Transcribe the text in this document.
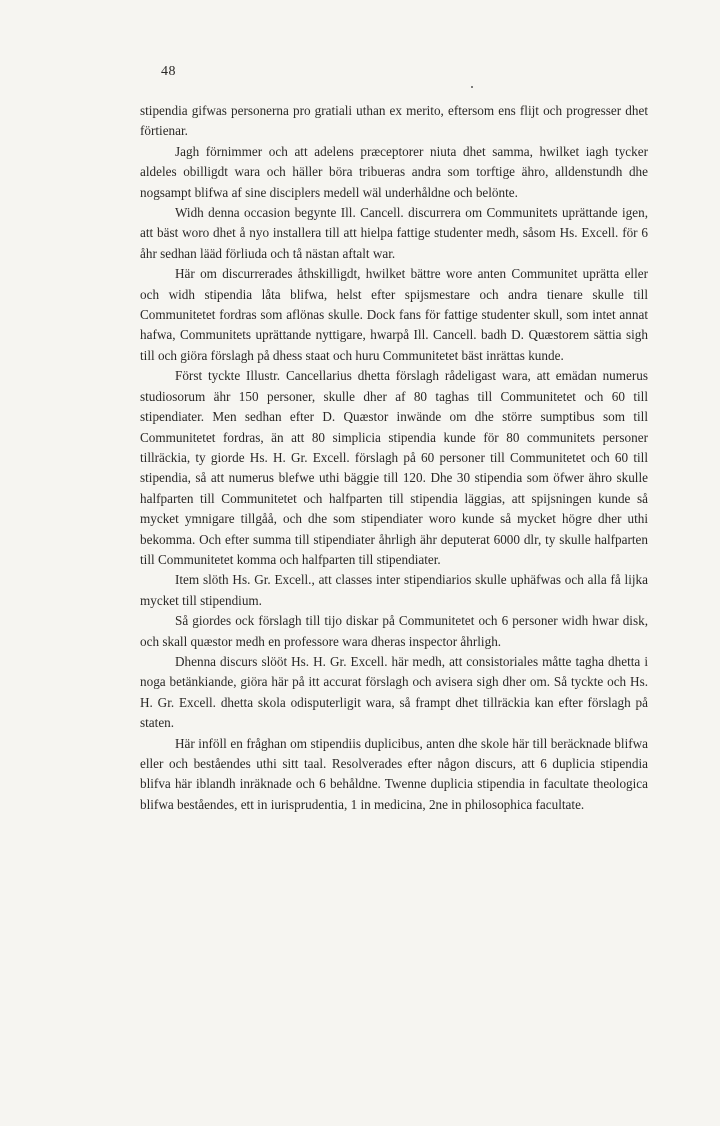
48

stipendia gifwas personerna pro gratiali uthan ex merito, eftersom ens flijt och progresser dhet förtienar.

Jagh förnimmer och att adelens præceptorer niuta dhet samma, hwilket iagh tycker aldeles obilligdt wara och häller böra tribueras andra som torftige ähro, alldenstundh dhe nogsampt blifwa af sine disciplers medell wäl underhåldne och belönte.

Widh denna occasion begynte Ill. Cancell. discurrera om Communitets uprättande igen, att bäst woro dhet å nyo installera till att hielpa fattige studenter medh, såsom Hs. Excell. för 6 åhr sedhan lääd förliuda och tå nästan aftalt war.

Här om discurrerades åthskilligdt, hwilket bättre wore anten Communitet uprätta eller och widh stipendia låta blifwa, helst efter spijsmestare och andra tienare skulle till Communitetet fordras som aflönas skulle. Dock fans för fattige studenter skull, som intet annat hafwa, Communitets uprättande nyttigare, hwarpå Ill. Cancell. badh D. Quæstorem sättia sigh till och giöra förslagh på dhess staat och huru Communitetet bäst inrättas kunde.

Först tyckte Illustr. Cancellarius dhetta förslagh rådeligast wara, att emädan numerus studiosorum ähr 150 personer, skulle dher af 80 taghas till Communitetet och 60 till stipendiater. Men sedhan efter D. Quæstor inwände om dhe större sumptibus som till Communitetet fordras, än att 80 simplicia stipendia kunde för 80 communitets personer tillräckia, ty giorde Hs. H. Gr. Excell. förslagh på 60 personer till Communitetet och 60 till stipendia, så att numerus blefwe uthi bäggie till 120. Dhe 30 stipendia som öfwer ähro skulle halfparten till Communitetet och halfparten till stipendia läggias, att spijsningen kunde så mycket ymnigare tillgåå, och dhe som stipendiater woro kunde så mycket högre dher uthi bekomma. Och efter summa till stipendiater åhrligh ähr deputerat 6000 dlr, ty skulle halfparten till Communitetet komma och halfparten till stipendiater.

Item slöth Hs. Gr. Excell., att classes inter stipendiarios skulle uphäfwas och alla få lijka mycket till stipendium.

Så giordes ock förslagh till tijo diskar på Communitetet och 6 personer widh hwar disk, och skall quæstor medh en professore wara dheras inspector åhrligh.

Dhenna discurs slööt Hs. H. Gr. Excell. här medh, att consistoriales måtte tagha dhetta i noga betänkiande, giöra här på itt accurat förslagh och avisera sigh dher om. Så tyckte och Hs. H. Gr. Excell. dhetta skola odisputerligit wara, så frampt dhet tillräckia kan efter förslagh på staten.

Här inföll en fråghan om stipendiis duplicibus, anten dhe skole här till beräcknade blifwa eller och beståendes uthi sitt taal. Resolverades efter någon discurs, att 6 duplicia stipendia blifva här iblandh inräknade och 6 behåldne. Twenne duplicia stipendia in facultate theologica blifwa beståendes, ett in iurisprudentia, 1 in medicina, 2ne in philosophica facultate.
